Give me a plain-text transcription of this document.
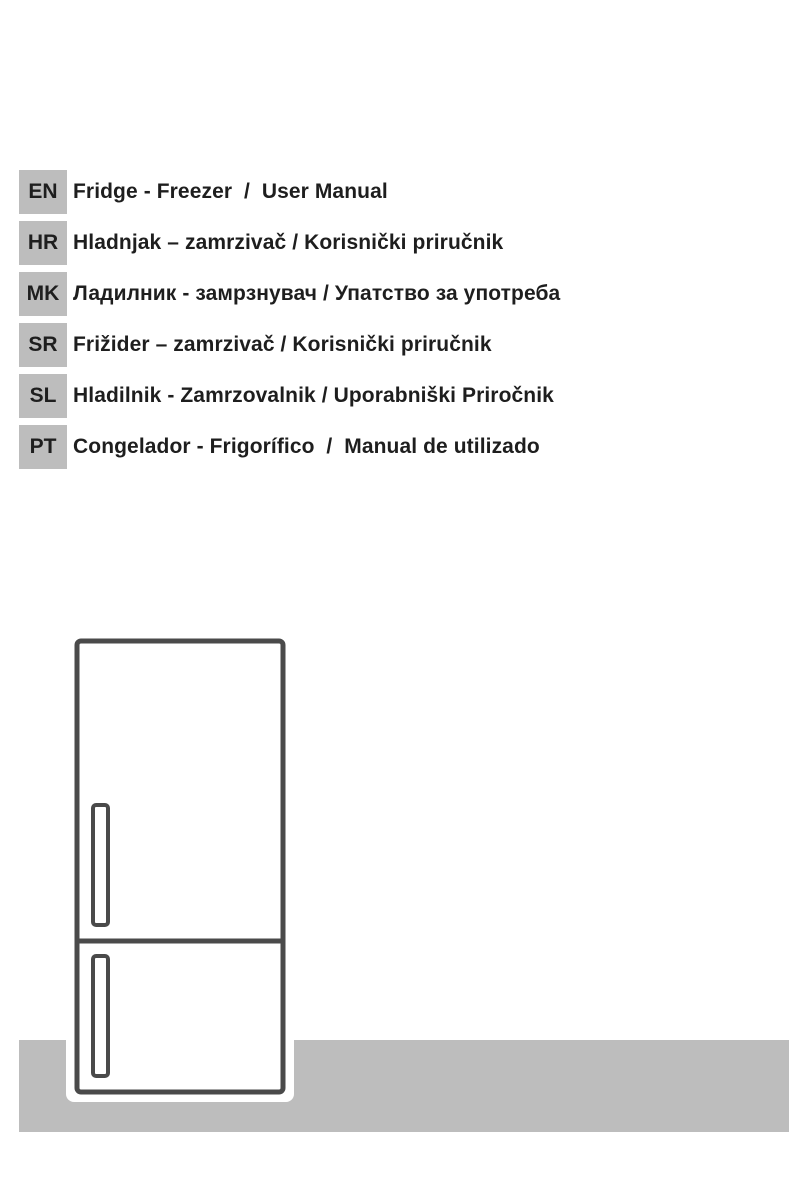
EN Fridge - Freezer  /  User Manual
HR Hladnjak – zamrzivač / Korisnički priručnik
MK Ладилник - замрзнувач / Упатство за употреба
SR Frižider – zamrzivač / Korisnički priručnik
SL Hladilnik - Zamrzovalnik / Uporabniški Priročnik
PT Congelador - Frigorífico  /  Manual de utilizado
